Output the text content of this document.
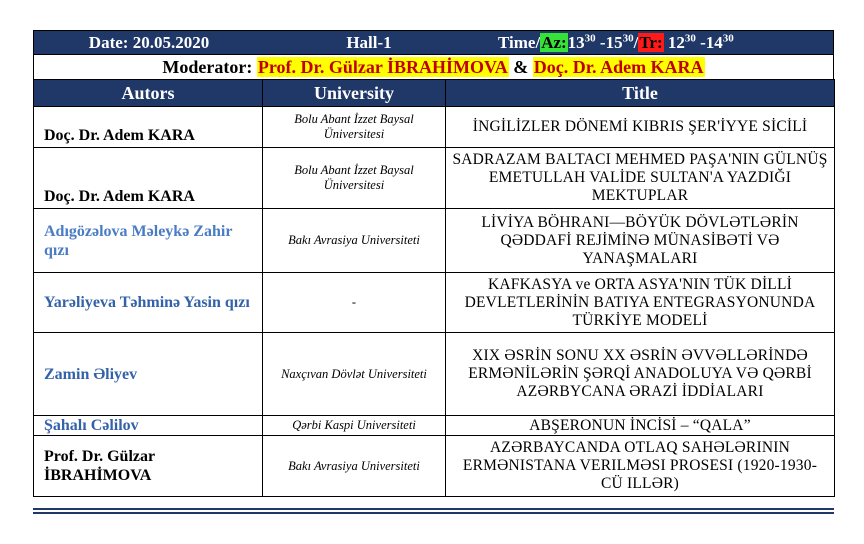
Date: 20.05.2020	Hall-1	Time/$Az:13^{30}$ $-15^{30}/Tr$: $12^{30}$ $-14^{30}$
Moderator: Prof. Dr. Gülzar İBRAHİMOVA & Doç. Dr. Adem KARA
Autors	University	Title
Doç. Dr. Adem KARA	Bolu Abant İzzet Baysal Üniversitesi	İNGİLİZLER DÖNEMİ KIBRIS ŞER'İYYE SİCİLİ
Doç. Dr. Adem KARA	Bolu Abant İzzet Baysal Üniversitesi	SADRAZAM BALTACI MEHMED PAŞA'NIN GÜLNÜŞ EMETULLAH VALİDE SULTAN'A YAZDIĞI MEKTUPLAR
Adıgözəlova Məleykə Zahir qızı	Bakı Avrasiya Universiteti	LİVİYA BÖHRANI—BÖYÜK DÖVLƏTLƏRİN QƏDDAFİ REJİMİNƏ MÜNASİBƏTİ VƏ YANAŞMALARI
Yarəliyeva Təhminə Yasin qızı	-	KAFKASYA ve ORTA ASYA'NIN TÜK DİLLİ DEVLETLERİNİN BATIYA ENTEGRASYONUNDA TÜRKİYE MODELİ
Zamin Əliyev	Naxçıvan Dövlət Universiteti	XIX ƏSRİN SONU XX ƏSRİN ƏVVƏLLƏRİNDƏ ERMƏNİLƏRİN ŞƏRQİ ANADOLUYA VƏ QƏRBİ AZƏRBYCANA ƏRAZİ İDDİALARI
Şahalı Cəlilov	Qərbi Kaspi Universiteti	ABŞERONUN İNCİSİ – “QALA”
Prof. Dr. Gülzar İBRAHİMOVA	Bakı Avrasiya Universiteti	AZƏRBAYCANDA OTLAQ SAHƏLƏRININ ERMƏNISTANA VERILMƏSI PROSESI (1920-1930- CÜ ILLƏR)
